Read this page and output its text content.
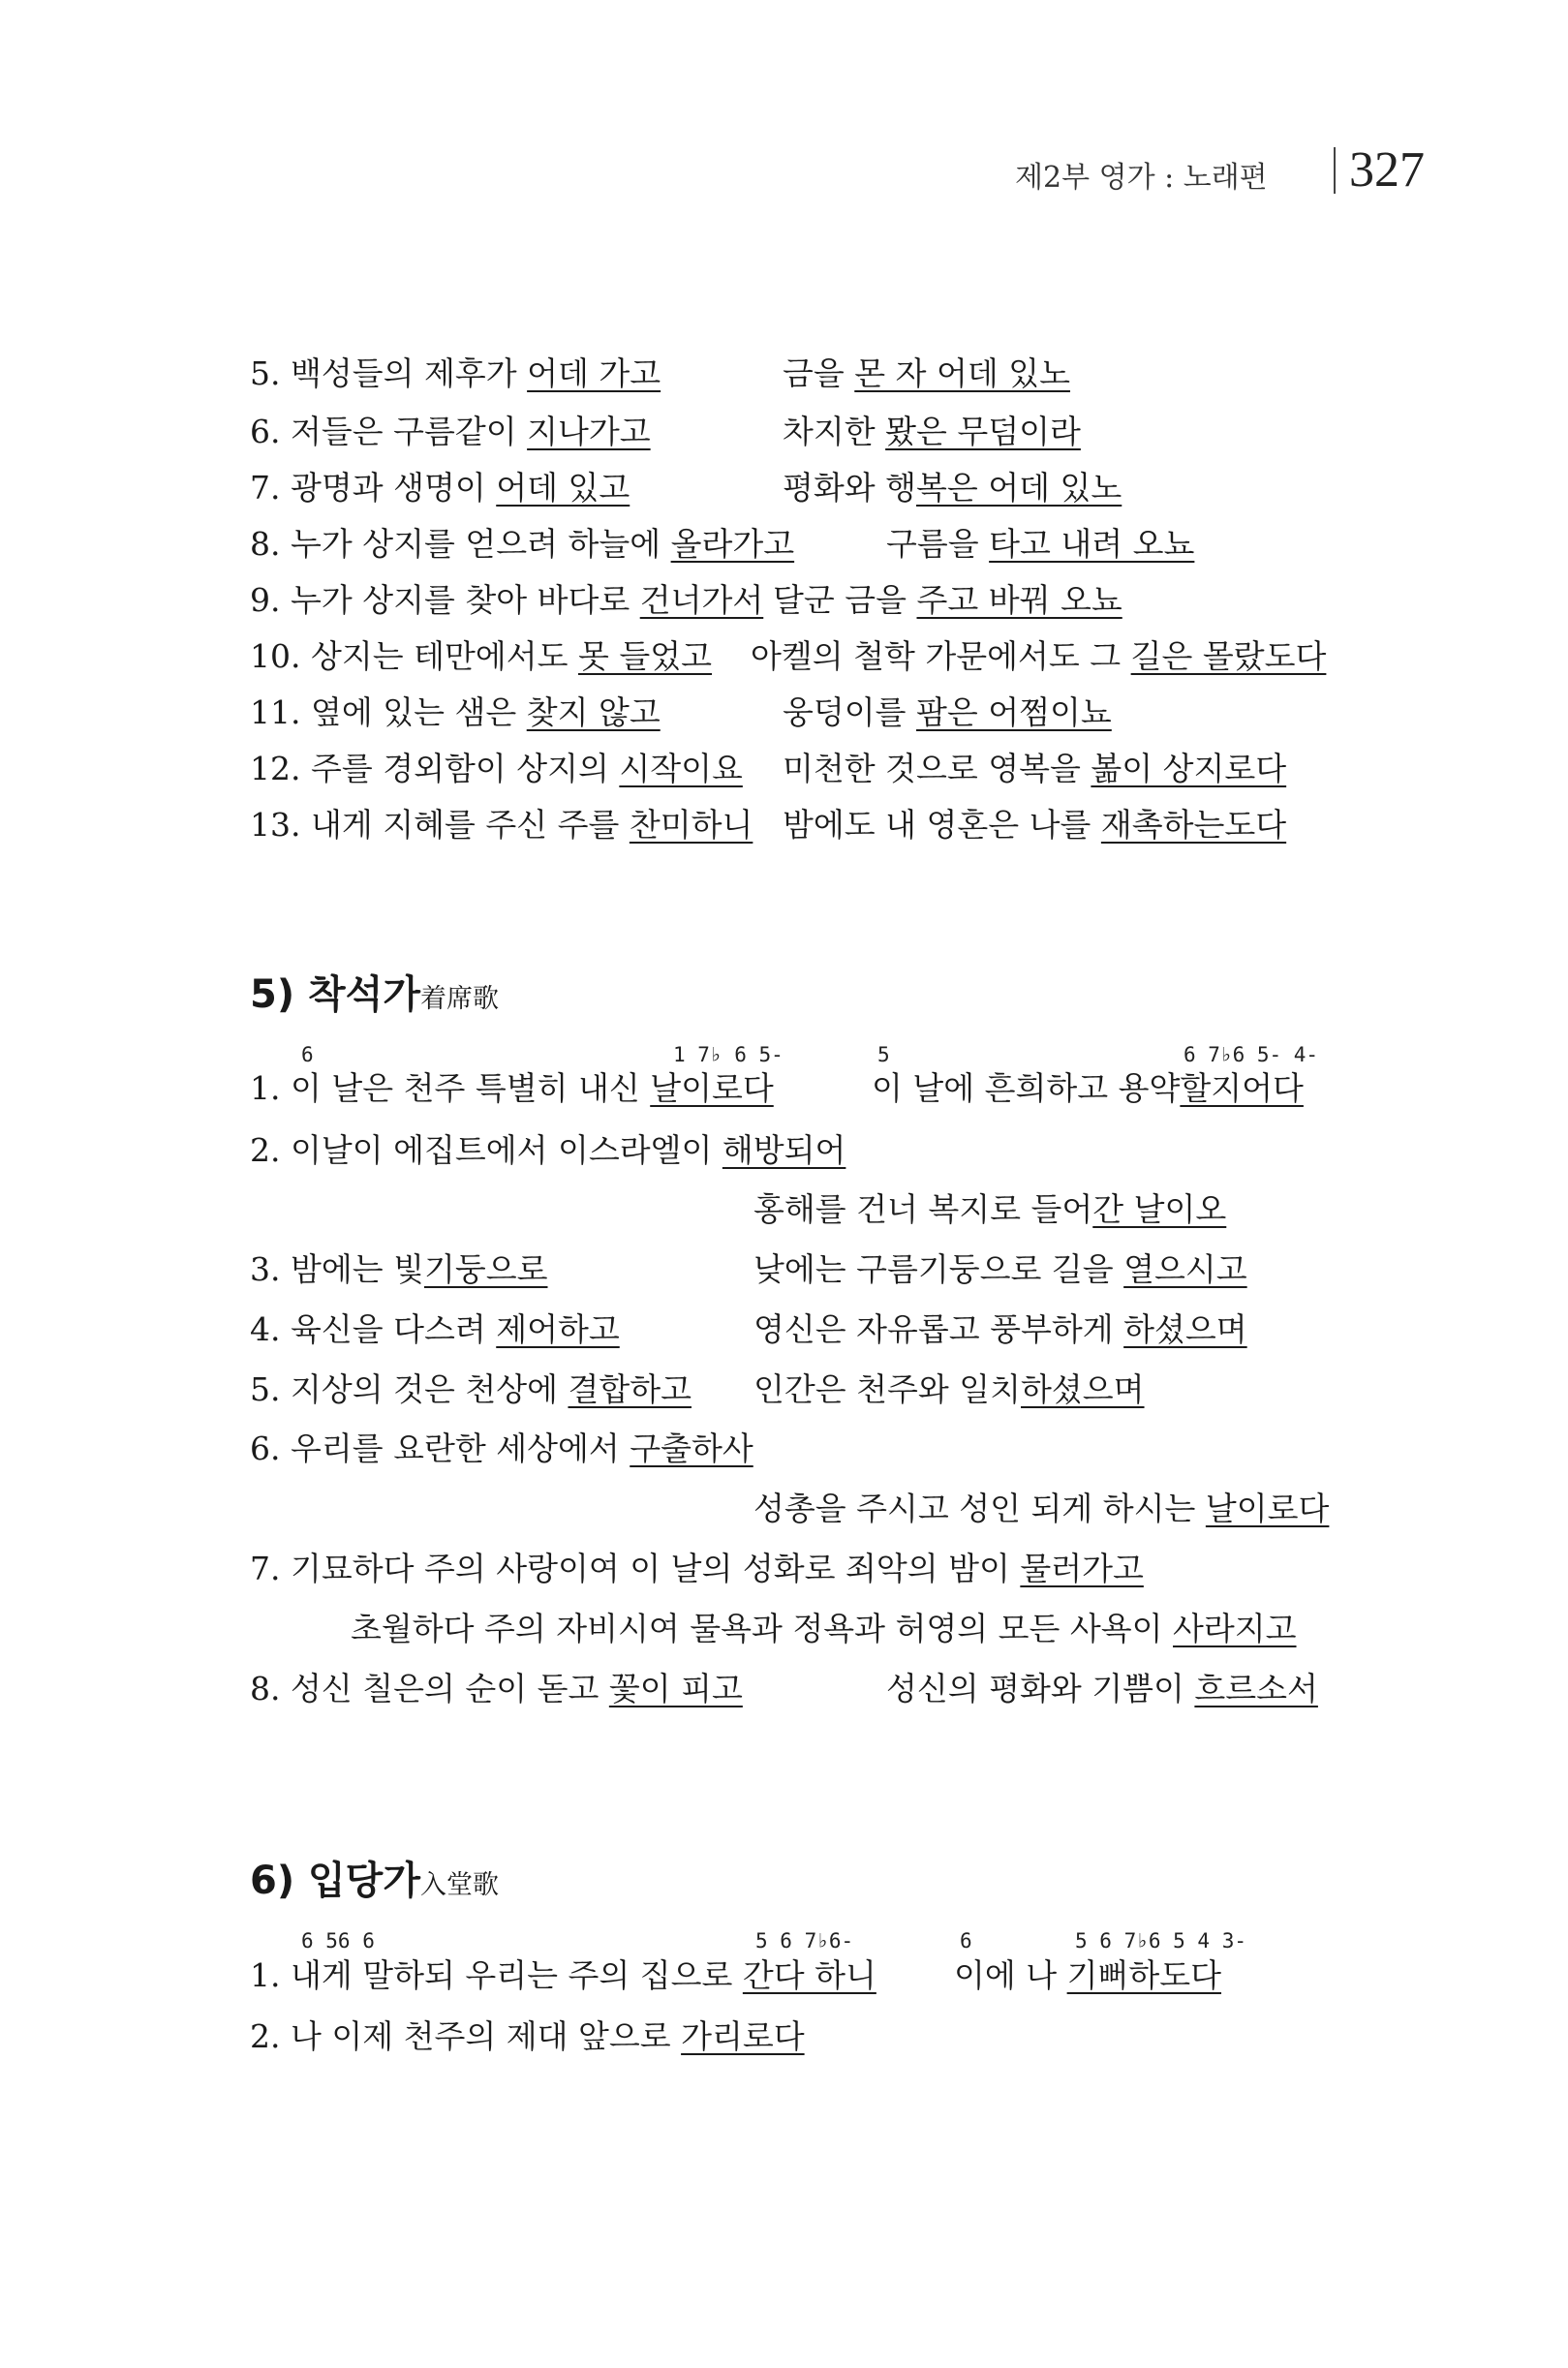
제2부 영가 : 노래편 327
5. 백성들의 제후가 어데 가고	금을 몬 자 어데 있노
6. 저들은 구름같이 지나가고	차지한 뫘은 무덤이라
7. 광명과 생명이 어데 있고	평화와 행복은 어데 있노
8. 누가 상지를 얻으려 하늘에 올라가고	구름을 타고 내려 오뇨
9. 누가 상지를 찾아 바다로 건너가서 달군 금을 주고 바꿔 오뇨
10. 상지는 테만에서도 못 들었고 아켈의 철학 가문에서도 그 길은 몰랐도다
11. 옆에 있는 샘은 찾지 않고	웅덩이를 팜은 어쩜이뇨
12. 주를 경외함이 상지의 시작이요 미천한 것으로 영복을 볾이 상지로다
13. 내게 지혜를 주신 주를 찬미하니 밤에도 내 영혼은 나를 재촉하는도다
5) 착석가着席歌
6	1 7♭ 6 5-	5	6 7♭6 5- 4-
1. 이 날은 천주 특별히 내신 날이로다	이 날에 흔희하고 용약할지어다
2. 이날이 에집트에서 이스라엘이 해방되어
홍해를 건너 복지로 들어간 날이오
3. 밤에는 빛기둥으로	낮에는 구름기둥으로 길을 열으시고
4. 육신을 다스려 제어하고	영신은 자유롭고 풍부하게 하셨으며
5. 지상의 것은 천상에 결합하고 인간은 천주와 일치하셨으며
6. 우리를 요란한 세상에서 구출하사
성총을 주시고 성인 되게 하시는 날이로다
7. 기묘하다 주의 사랑이여 이 날의 성화로 죄악의 밤이 물러가고
초월하다 주의 자비시여 물욕과 정욕과 허영의 모든 사욕이 사라지고
8. 성신 칠은의 순이 돋고 꽃이 피고	성신의 평화와 기쁨이 흐르소서
6) 입당가入堂歌
6 56 6	5 6 7♭6-	6	5 6 7♭6 5 4 3-
1. 내게 말하되 우리는 주의 집으로 간다 하니 이에 나 기뻐하도다
2. 나 이제 천주의 제대 앞으로 가리로다
